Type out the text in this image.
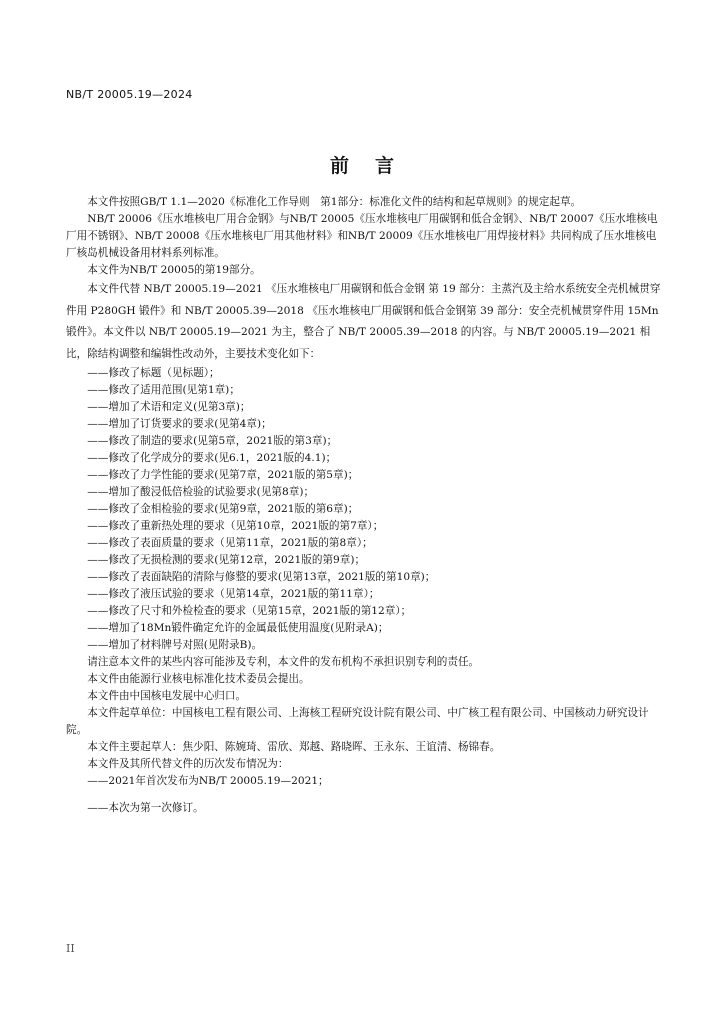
NB/T 20005.19—2024
前言

本文件按照GB/T 1.1—2020《标准化工作导则　第1部分：标准化文件的结构和起草规则》的规定起草。

NB/T 20006《压水堆核电厂用合金钢》与NB/T 20005《压水堆核电厂用碳钢和低合金钢》、NB/T 20007《压水堆核电厂用不锈钢》、NB/T 20008《压水堆核电厂用其他材料》和NB/T 20009《压水堆核电厂用焊接材料》共同构成了压水堆核电厂核岛机械设备用材料系列标准。

本文件为NB/T 20005的第19部分。

本文件代替 NB/T 20005.19—2021 《压水堆核电厂用碳钢和低合金钢 第 19 部分：主蒸汽及主给水系统安全壳机械贯穿件用 P280GH 锻件》和 NB/T 20005.39—2018 《压水堆核电厂用碳钢和低合金钢第 39 部分：安全壳机械贯穿件用 15Mn 锻件》。本文件以 NB/T 20005.19—2021 为主，整合了 NB/T 20005.39—2018 的内容。与 NB/T 20005.19—2021 相比，除结构调整和编辑性改动外，主要技术变化如下：

—— 修改了标题（见标题）；
—— 修改了适用范围(见第1章)；
—— 增加了术语和定义(见第3章)；
—— 增加了订货要求的要求(见第4章)；
—— 修改了制造的要求(见第5章，2021版的第3章)；
—— 修改了化学成分的要求(见6.1，2021版的4.1)；
—— 修改了力学性能的要求(见第7章，2021版的第5章)；
—— 增加了酸浸低倍检验的试验要求(见第8章)；
—— 修改了金相检验的要求(见第9章，2021版的第6章)；
—— 修改了重新热处理的要求（见第10章，2021版的第7章）；
—— 修改了表面质量的要求（见第11章，2021版的第8章）；
—— 修改了无损检测的要求(见第12章，2021版的第9章)；
—— 修改了表面缺陷的清除与修整的要求(见第13章，2021版的第10章)；
—— 修改了液压试验的要求（见第14章，2021版的第11章）；
—— 修改了尺寸和外检检查的要求（见第15章，2021版的第12章）；
—— 增加了18Mn锻件确定允许的金属最低使用温度(见附录A)；
—— 增加了材料牌号对照(见附录B)。

请注意本文件的某些内容可能涉及专利，本文件的发布机构不承担识别专利的责任。

本文件由能源行业核电标准化技术委员会提出。

本文件由中国核电发展中心归口。

本文件起草单位：中国核电工程有限公司、上海核工程研究设计院有限公司、中广核工程有限公司、中国核动力研究设计院。

本文件主要起草人：焦少阳、陈婉琦、雷欣、郑越、路晓晖、王永东、王谊清、杨锦春。

本文件及其所代替文件的历次发布情况为：

—— 2021年首次发布为NB/T 20005.19—2021；
—— 本次为第一次修订。
II
